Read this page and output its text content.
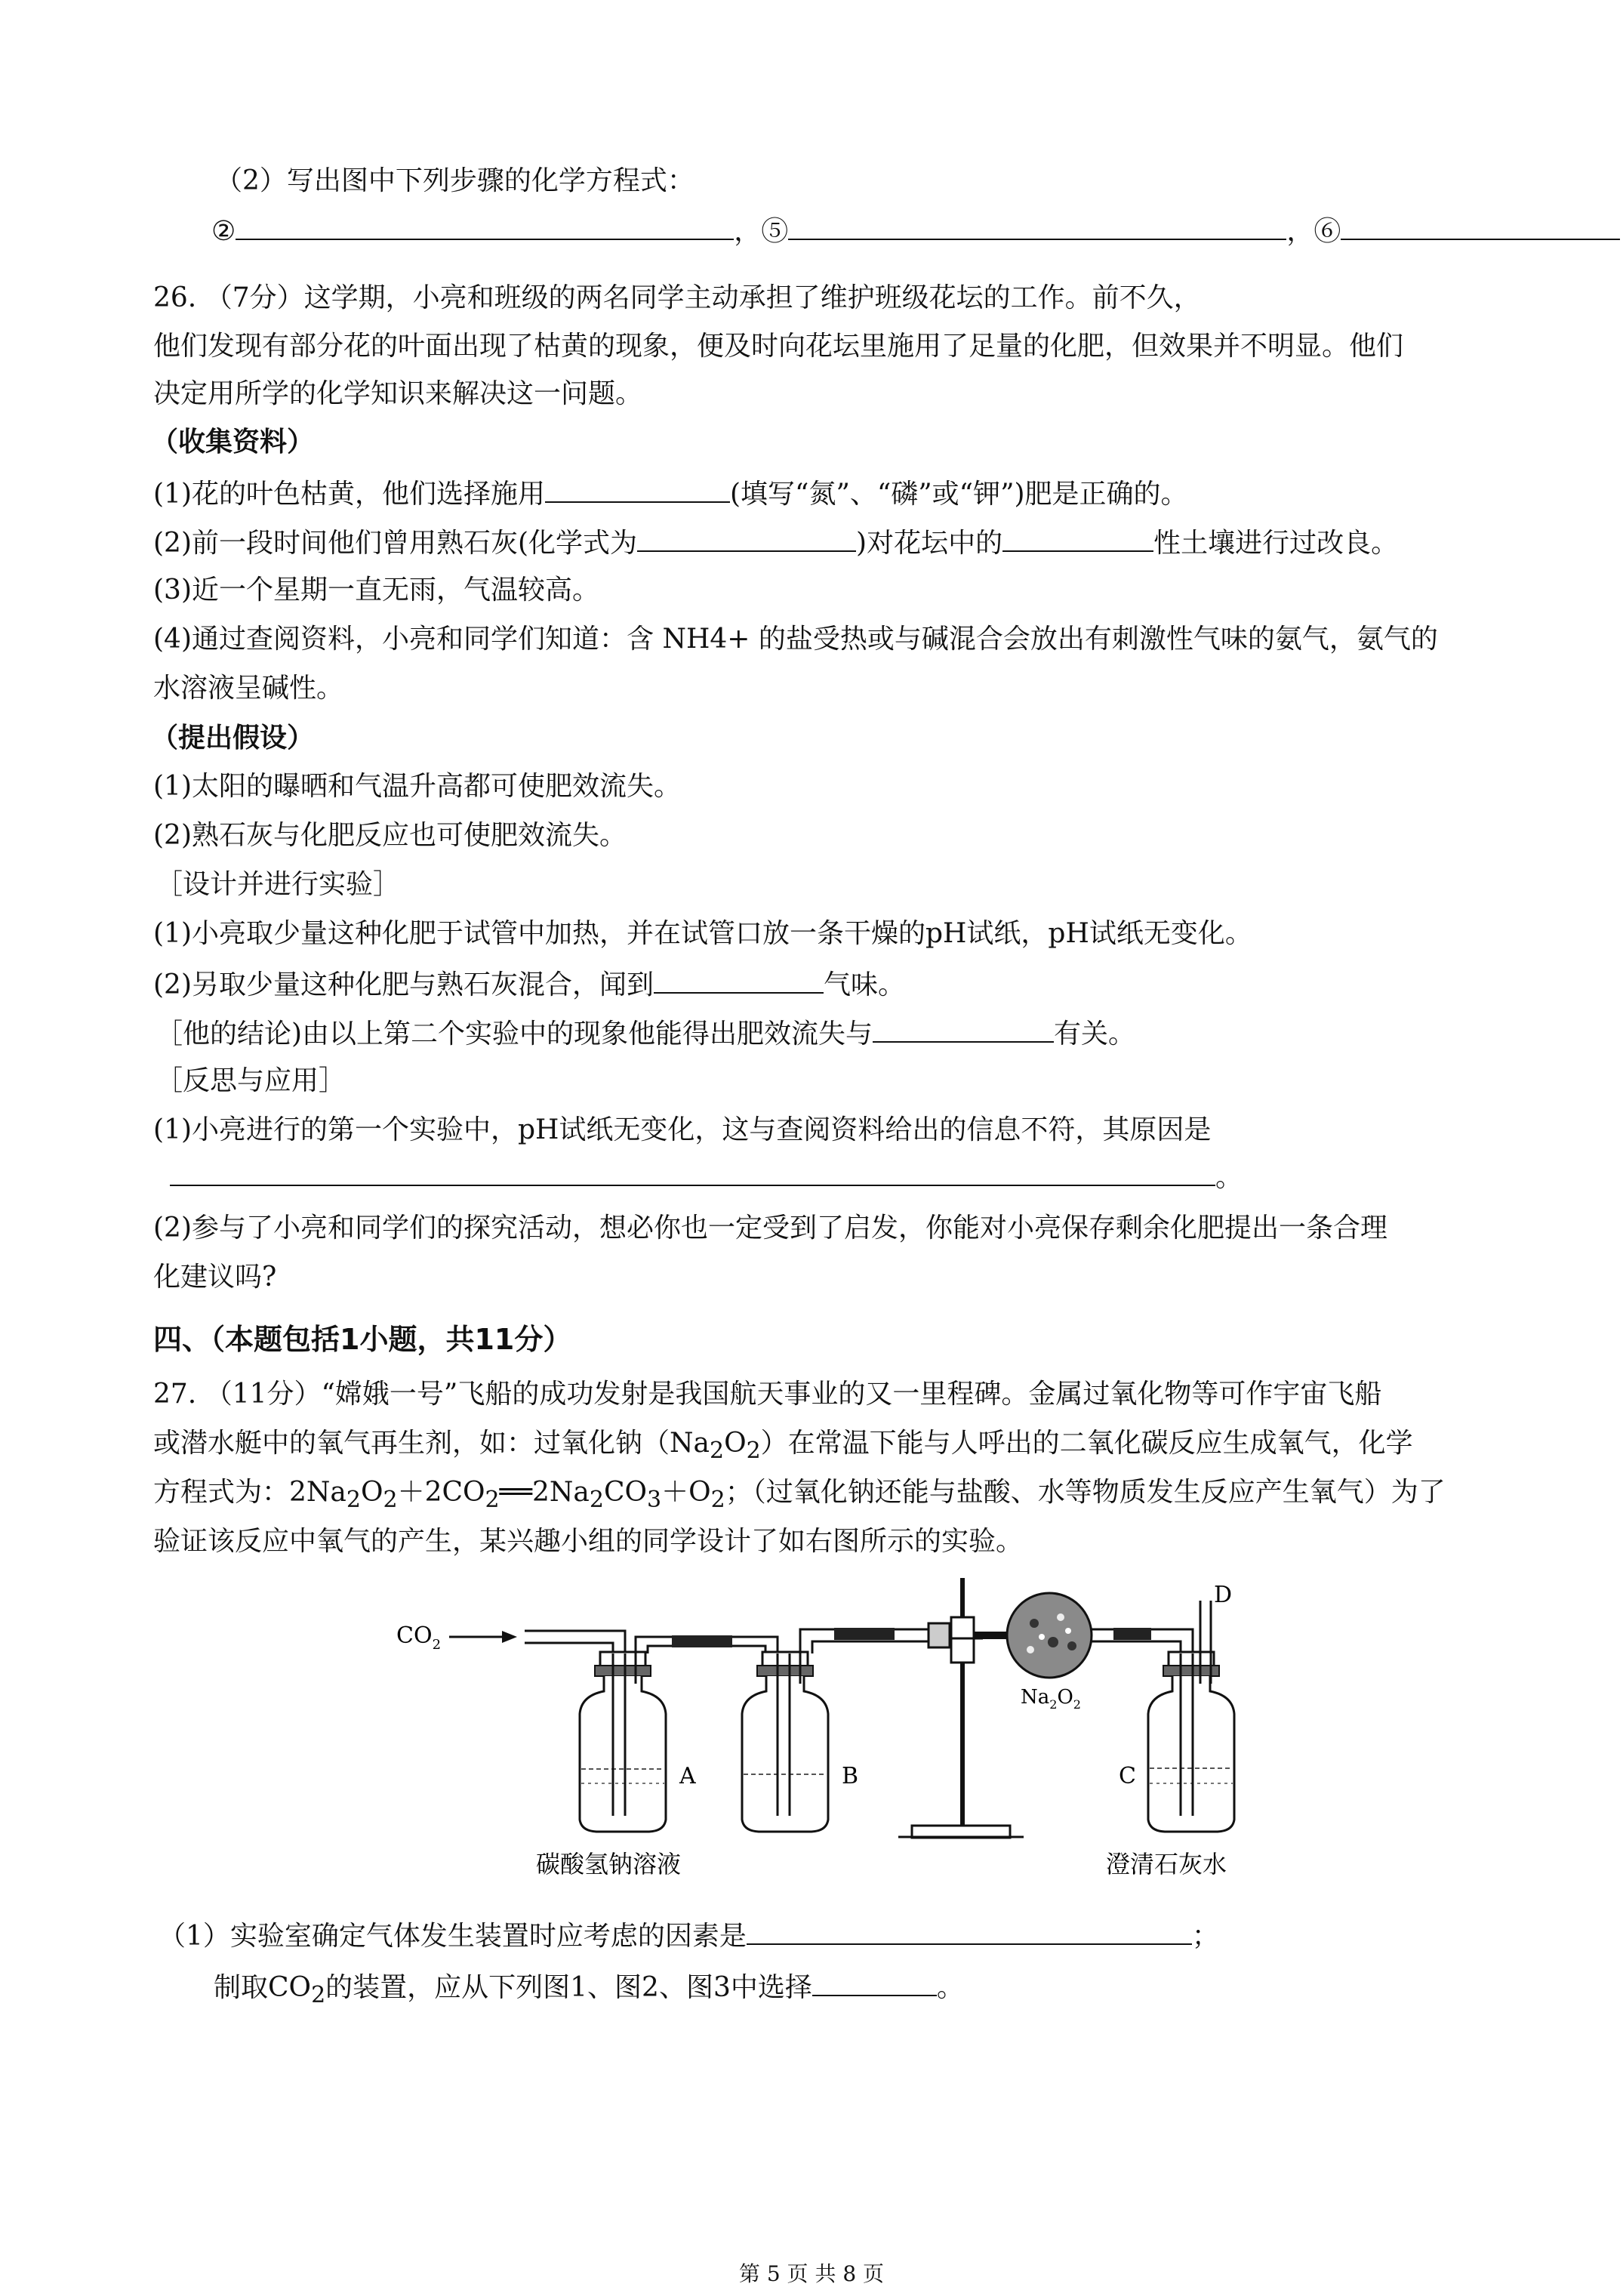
（2）写出图中下列步骤的化学方程式：
②	，⑤	，⑥
26. （7分）这学期，小亮和班级的两名同学主动承担了维护班级花坛的工作。前不久，
他们发现有部分花的叶面出现了枯黄的现象，便及时向花坛里施用了足量的化肥，但效果并不明显。他们
决定用所学的化学知识来解决这一问题。
（收集资料）
(1)花的叶色枯黄，他们选择施用	(填写“氮”、“磷”或“钾”)肥是正确的。
(2)前一段时间他们曾用熟石灰(化学式为	)对花坛中的	性土壤进行过改良。
(3)近一个星期一直无雨，气温较高。
(4)通过查阅资料，小亮和同学们知道：含 NH4+ 的盐受热或与碱混合会放出有刺激性气味的氨气，氨气的
水溶液呈碱性。
（提出假设）
(1)太阳的曝晒和气温升高都可使肥效流失。
(2)熟石灰与化肥反应也可使肥效流失。
［设计并进行实验］
(1)小亮取少量这种化肥于试管中加热，并在试管口放一条干燥的pH试纸，pH试纸无变化。
(2)另取少量这种化肥与熟石灰混合，闻到	气味。
［他的结论)由以上第二个实验中的现象他能得出肥效流失与	有关。
［反思与应用］
(1)小亮进行的第一个实验中，pH试纸无变化，这与查阅资料给出的信息不符，其原因是
。
(2)参与了小亮和同学们的探究活动，想必你也一定受到了启发，你能对小亮保存剩余化肥提出一条合理
化建议吗?
四、（本题包括1小题，共11分）
27. （11分）“嫦娥一号”飞船的成功发射是我国航天事业的又一里程碑。金属过氧化物等可作宇宙飞船
或潜水艇中的氧气再生剂，如：过氧化钠$(Na_2O_2)$在常温下能与人呼出的二氧化碳反应生成氧气，化学
方程式为：$2Na_2O_2+2CO_2══2Na_2CO_3+O_2$；（过氧化钠还能与盐酸、水等物质发生反应产生氧气）为了
验证该反应中氧气的产生，某兴趣小组的同学设计了如右图所示的实验。
$CO_2$
A	B
$Na_2O_2$
C
D
碳酸氢钠溶液	澄清石灰水
（1）实验室确定气体发生装置时应考虑的因素是	；
制取$CO_2$的装置，应从下列图1、图2、图3中选择	。
第 5 页 共 8 页
